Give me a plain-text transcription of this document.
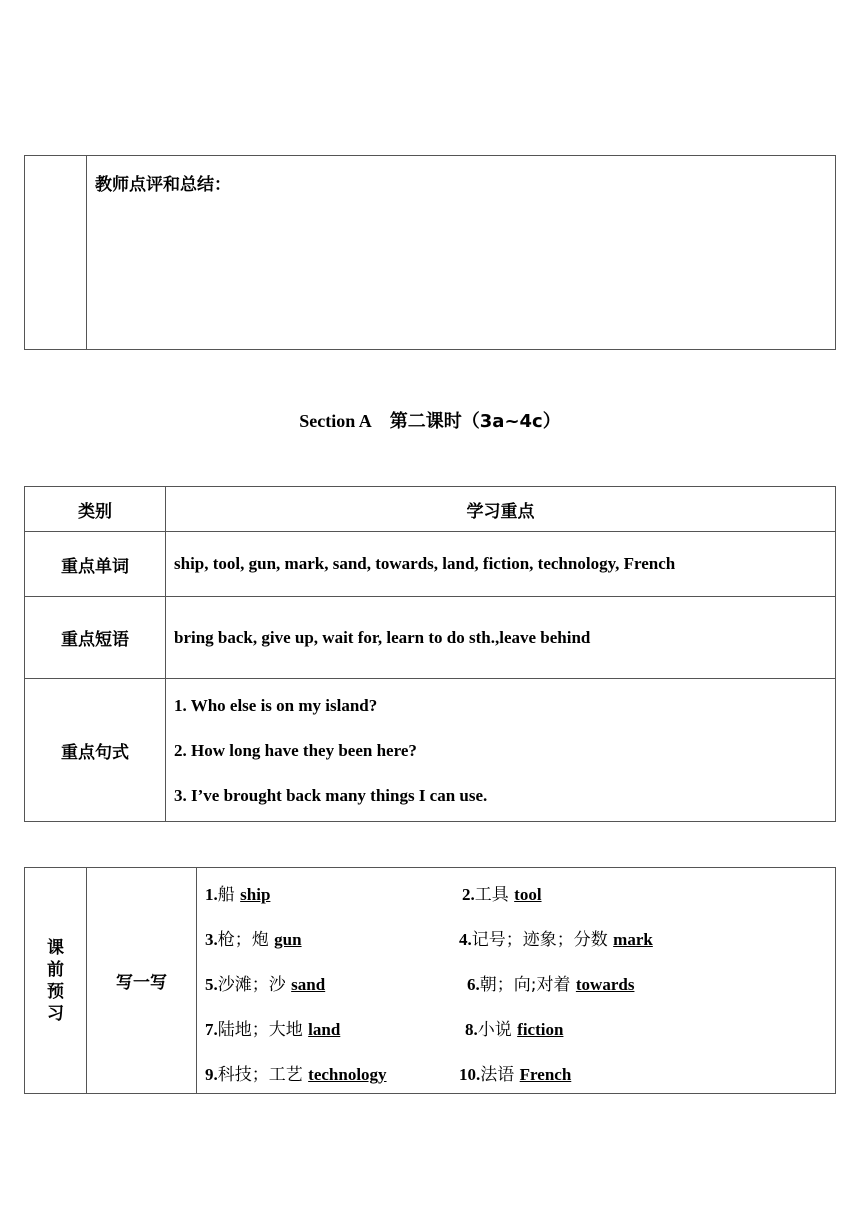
	教师点评和总结：
Section A 第二课时（3a~4c）
类别	学习重点
重点单词	ship, tool, gun, mark, sand, towards, land, fiction, technology, French
重点短语	bring back, give up, wait for, learn to do sth.,leave behind
重点句式	1. Who else is on my island?
2. How long have they been here?
3. I’ve brought back many things I can use.
课
前
预
习
	写一写	
1.船 ship	2.工具 tool
3.枪；炮 gun	4.记号；迹象；分数 mark
5.沙滩；沙 sand	6.朝；向;对着 towards
7.陆地；大地 land	8.小说 fiction
9.科技；工艺 technology	10.法语 French
